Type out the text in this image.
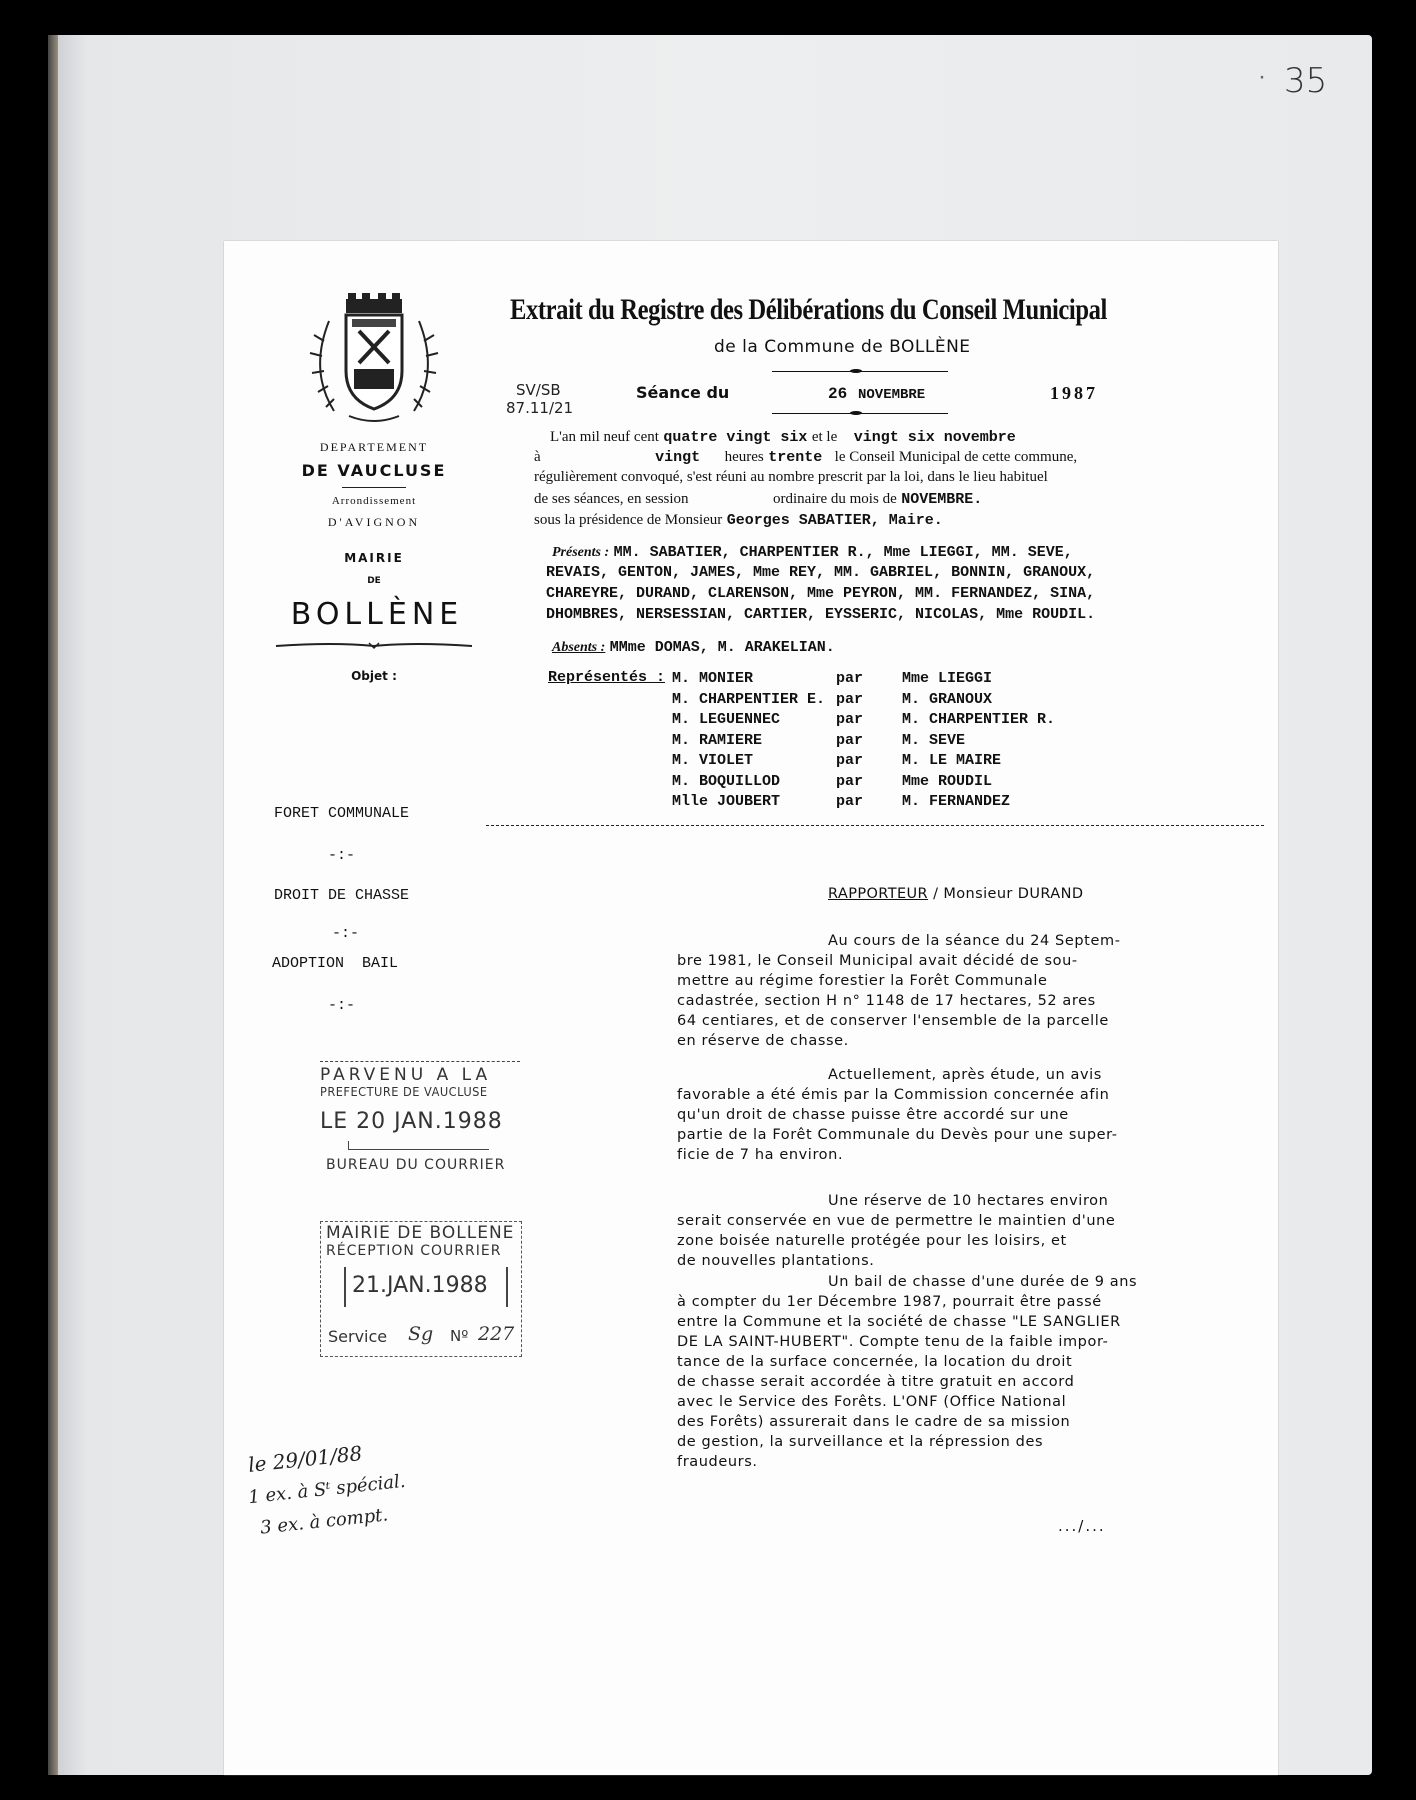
· 35
DEPARTEMENT
DE VAUCLUSE
Arrondissement
D'AVIGNON
MAIRIE
DE
BOLLÈNE
Objet :
FORET COMMUNALE
-:-
DROIT DE CHASSE
-:-
ADOPTION  BAIL
-:-
PARVENU A LA
PREFECTURE DE VAUCLUSE
LE 20 JAN.1988
BUREAU DU COURRIER
MAIRIE DE BOLLENE
RÉCEPTION COURRIER
21.JAN.1988
Service Sg Nº 227
le 29/01/88
1 ex. à Sᵗ spécial.
3 ex. à compt.
Extrait du Registre des Délibérations du Conseil Municipal
de la Commune de BOLLÈNE
SV/SB
87.11/21
Séance du	26 NOVEMBRE	1987
L'an mil neuf cent quatre vingt six et le vingt six novembre
à	vingt heures trente le Conseil Municipal de cette commune,
régulièrement convoqué, s'est réuni au nombre prescrit par la loi, dans le lieu habituel
de ses séances, en session	ordinaire du mois de NOVEMBRE.
sous la présidence de Monsieur Georges SABATIER, Maire.
Présents : MM. SABATIER, CHARPENTIER R., Mme LIEGGI, MM. SEVE,
REVAIS, GENTON, JAMES, Mme REY, MM. GABRIEL, BONNIN, GRANOUX,
CHAREYRE, DURAND, CLARENSON, Mme PEYRON, MM. FERNANDEZ, SINA,
DHOMBRES, NERSESSIAN, CARTIER, EYSSERIC, NICOLAS, Mme ROUDIL.
Absents : MMme DOMAS, M. ARAKELIAN.
Représentés :
RAPPORTEUR / Monsieur DURAND
.../...
M. MONIER	par	Mme LIEGGI
M. CHARPENTIER E. par	M. GRANOUX
M. LEGUENNEC	par	M. CHARPENTIER R.
M. RAMIERE	par	M. SEVE
M. VIOLET	par	M. LE MAIRE
M. BOQUILLOD	par	Mme ROUDIL
Mlle JOUBERT	par	M. FERNANDEZ
Au cours de la séance du 24 Septem-
bre 1981, le Conseil Municipal avait décidé de sou-
mettre au régime forestier la Forêt Communale
cadastrée, section H n° 1148 de 17 hectares, 52 ares
64 centiares, et de conserver l'ensemble de la parcelle
en réserve de chasse.
Actuellement, après étude, un avis
favorable a été émis par la Commission concernée afin
qu'un droit de chasse puisse être accordé sur une
partie de la Forêt Communale du Devès pour une super-
ficie de 7 ha environ.
Une réserve de 10 hectares environ
serait conservée en vue de permettre le maintien d'une
zone boisée naturelle protégée pour les loisirs, et
de nouvelles plantations.
Un bail de chasse d'une durée de 9 ans
à compter du 1er Décembre 1987, pourrait être passé
entre la Commune et la société de chasse "LE SANGLIER
DE LA SAINT-HUBERT". Compte tenu de la faible impor-
tance de la surface concernée, la location du droit
de chasse serait accordée à titre gratuit en accord
avec le Service des Forêts. L'ONF (Office National
des Forêts) assurerait dans le cadre de sa mission
de gestion, la surveillance et la répression des
fraudeurs.
